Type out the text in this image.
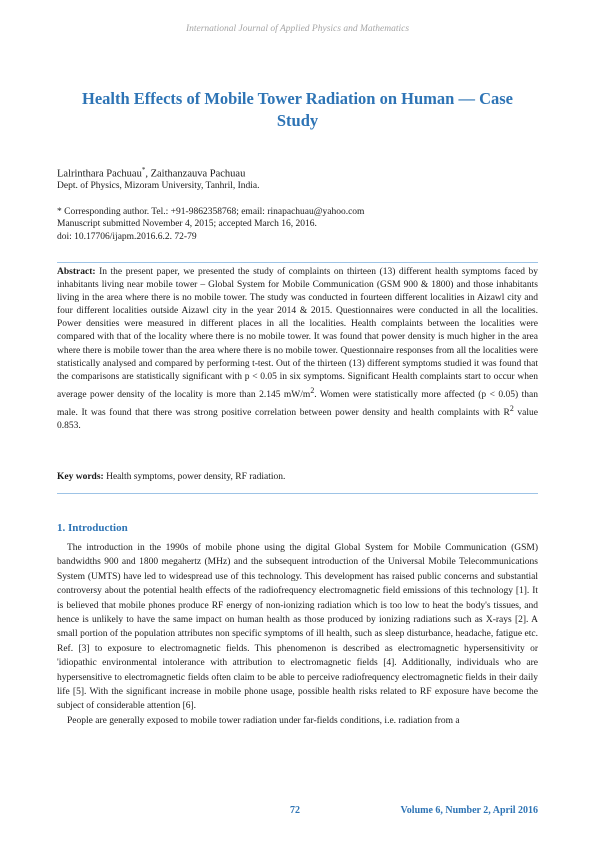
International Journal of Applied Physics and Mathematics
Health Effects of Mobile Tower Radiation on Human — Case Study
Lalrinthara Pachuau*, Zaithanzauva Pachuau
Dept. of Physics, Mizoram University, Tanhril, India.
* Corresponding author. Tel.: +91-9862358768; email: rinapachuau@yahoo.com
Manuscript submitted November 4, 2015; accepted March 16, 2016.
doi: 10.17706/ijapm.2016.6.2. 72-79
Abstract: In the present paper, we presented the study of complaints on thirteen (13) different health symptoms faced by inhabitants living near mobile tower – Global System for Mobile Communication (GSM 900 & 1800) and those inhabitants living in the area where there is no mobile tower. The study was conducted in fourteen different localities in Aizawl city and four different localities outside Aizawl city in the year 2014 & 2015. Questionnaires were conducted in all the localities. Power densities were measured in different places in all the localities. Health complaints between the localities were compared with that of the locality where there is no mobile tower. It was found that power density is much higher in the area where there is mobile tower than the area where there is no mobile tower. Questionnaire responses from all the localities were statistically analysed and compared by performing t-test. Out of the thirteen (13) different symptoms studied it was found that the comparisons are statistically significant with p < 0.05 in six symptoms. Significant Health complaints start to occur when average power density of the locality is more than 2.145 $mW/m^2$. Women were statistically more affected (p < 0.05) than male. It was found that there was strong positive correlation between power density and health complaints with $R^2$ value 0.853.
Key words: Health symptoms, power density, RF radiation.
1. Introduction

The introduction in the 1990s of mobile phone using the digital Global System for Mobile Communication (GSM) bandwidths 900 and 1800 megahertz (MHz) and the subsequent introduction of the Universal Mobile Telecommunications System (UMTS) have led to widespread use of this technology. This development has raised public concerns and substantial controversy about the potential health effects of the radiofrequency electromagnetic field emissions of this technology [1]. It is believed that mobile phones produce RF energy of non-ionizing radiation which is too low to heat the body's tissues, and hence is unlikely to have the same impact on human health as those produced by ionizing radiations such as X-rays [2]. A small portion of the population attributes non specific symptoms of ill health, such as sleep disturbance, headache, fatigue etc. Ref. [3] to exposure to electromagnetic fields. This phenomenon is described as electromagnetic hypersensitivity or 'idiopathic environmental intolerance with attribution to electromagnetic fields [4]. Additionally, individuals who are hypersensitive to electromagnetic fields often claim to be able to perceive radiofrequency electromagnetic fields in their daily life [5]. With the significant increase in mobile phone usage, possible health risks related to RF exposure have become the subject of considerable attention [6].

People are generally exposed to mobile tower radiation under far-fields conditions, i.e. radiation from a

72	Volume 6, Number 2, April 2016
